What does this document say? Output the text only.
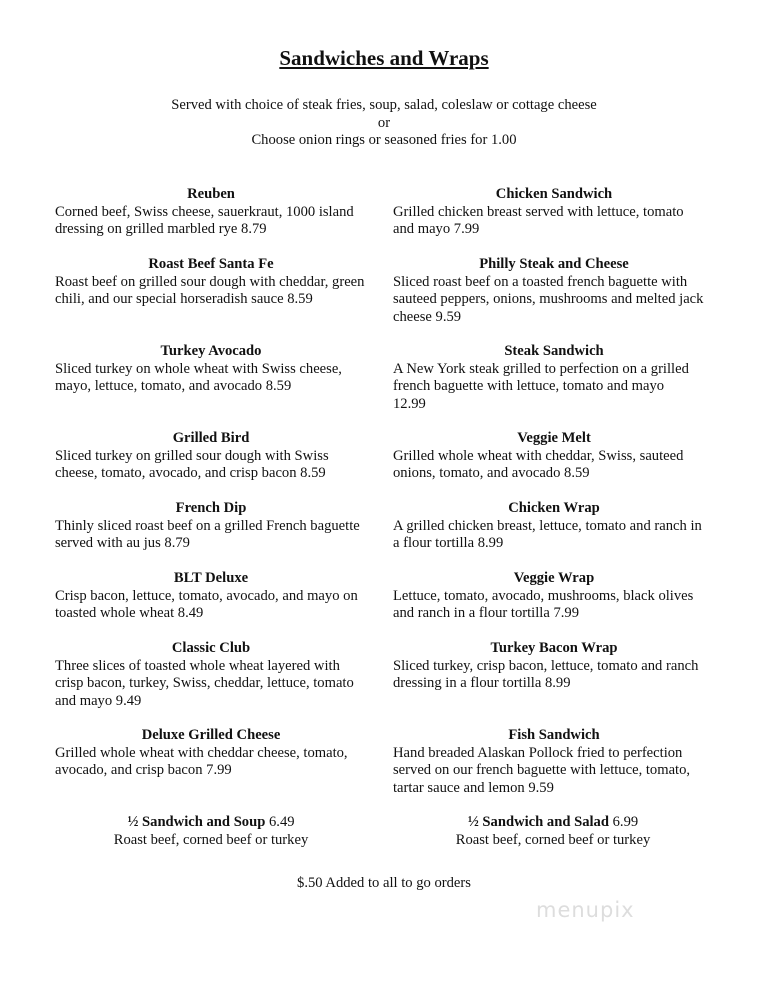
Sandwiches and Wraps
Served with choice of steak fries, soup, salad, coleslaw or cottage cheese
or
Choose onion rings or seasoned fries for 1.00
Reuben
Corned beef, Swiss cheese, sauerkraut, 1000 island
dressing on grilled marbled rye 8.79
Roast Beef Santa Fe
Roast beef on grilled sour dough with cheddar, green
chili, and our special horseradish sauce 8.59
Turkey Avocado
Sliced turkey on whole wheat with Swiss cheese,
mayo, lettuce, tomato, and avocado 8.59
Grilled Bird
Sliced turkey on grilled sour dough with Swiss
cheese, tomato, avocado, and crisp bacon 8.59
French Dip
Thinly sliced roast beef on a grilled French baguette
served with au jus 8.79
BLT Deluxe
Crisp bacon, lettuce, tomato, avocado, and mayo on
toasted whole wheat 8.49
Classic Club
Three slices of toasted whole wheat layered with
crisp bacon, turkey, Swiss, cheddar, lettuce, tomato
and mayo 9.49
Deluxe Grilled Cheese
Grilled whole wheat with cheddar cheese, tomato,
avocado, and crisp bacon 7.99
Chicken Sandwich
Grilled chicken breast served with lettuce, tomato
and mayo 7.99
Philly Steak and Cheese
Sliced roast beef on a toasted french baguette with
sauteed peppers, onions, mushrooms and melted jack
cheese 9.59
Steak Sandwich
A New York steak grilled to perfection on a grilled
french baguette with lettuce, tomato and mayo
12.99
Veggie Melt
Grilled whole wheat with cheddar, Swiss, sauteed
onions, tomato, and avocado 8.59
Chicken Wrap
A grilled chicken breast, lettuce, tomato and ranch in
a flour tortilla 8.99
Veggie Wrap
Lettuce, tomato, avocado, mushrooms, black olives
and ranch in a flour tortilla 7.99
Turkey Bacon Wrap
Sliced turkey, crisp bacon, lettuce, tomato and ranch
dressing in a flour tortilla 8.99
Fish Sandwich
Hand breaded Alaskan Pollock fried to perfection
served on our french baguette with lettuce, tomato,
tartar sauce and lemon 9.59
½ Sandwich and Soup 6.49
Roast beef, corned beef or turkey
½ Sandwich and Salad 6.99
Roast beef, corned beef or turkey
$.50 Added to all to go orders
menupix
